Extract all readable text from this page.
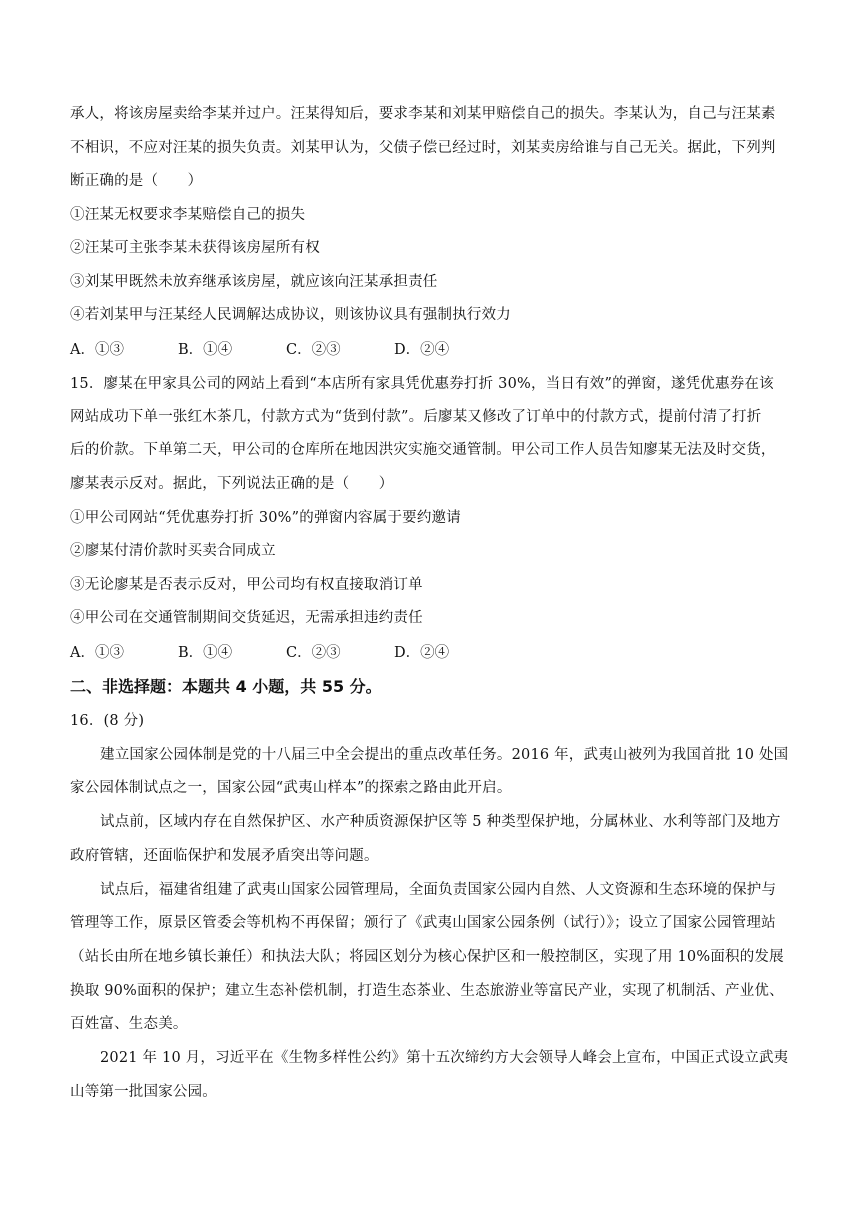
承人，将该房屋卖给李某并过户。汪某得知后，要求李某和刘某甲赔偿自己的损失。李某认为，自己与汪某素
不相识，不应对汪某的损失负责。刘某甲认为，父债子偿已经过时，刘某卖房给谁与自己无关。据此，下列判
断正确的是（　　）
①汪某无权要求李某赔偿自己的损失
②汪某可主张李某未获得该房屋所有权
③刘某甲既然未放弃继承该房屋，就应该向汪某承担责任
④若刘某甲与汪某经人民调解达成协议，则该协议具有强制执行效力
A．①③	B．①④	C．②③	D．②④
15．廖某在甲家具公司的网站上看到“本店所有家具凭优惠券打折 30%，当日有效”的弹窗，遂凭优惠券在该
网站成功下单一张红木茶几，付款方式为“货到付款”。后廖某又修改了订单中的付款方式，提前付清了打折
后的价款。下单第二天，甲公司的仓库所在地因洪灾实施交通管制。甲公司工作人员告知廖某无法及时交货，
廖某表示反对。据此，下列说法正确的是（　　）
①甲公司网站“凭优惠券打折 30%”的弹窗内容属于要约邀请
②廖某付清价款时买卖合同成立
③无论廖某是否表示反对，甲公司均有权直接取消订单
④甲公司在交通管制期间交货延迟，无需承担违约责任
A．①③	B．①④	C．②③	D．②④
二、非选择题：本题共 4 小题，共 55 分。
16．(8 分)
建立国家公园体制是党的十八届三中全会提出的重点改革任务。2016 年，武夷山被列为我国首批 10 处国
家公园体制试点之一，国家公园“武夷山样本”的探索之路由此开启。
试点前，区域内存在自然保护区、水产种质资源保护区等 5 种类型保护地，分属林业、水利等部门及地方
政府管辖，还面临保护和发展矛盾突出等问题。
试点后，福建省组建了武夷山国家公园管理局，全面负责国家公园内自然、人文资源和生态环境的保护与
管理等工作，原景区管委会等机构不再保留；颁行了《武夷山国家公园条例（试行）》；设立了国家公园管理站
（站长由所在地乡镇长兼任）和执法大队；将园区划分为核心保护区和一般控制区，实现了用 10%面积的发展
换取 90%面积的保护；建立生态补偿机制，打造生态茶业、生态旅游业等富民产业，实现了机制活、产业优、
百姓富、生态美。
2021 年 10 月，习近平在《生物多样性公约》第十五次缔约方大会领导人峰会上宣布，中国正式设立武夷
山等第一批国家公园。
